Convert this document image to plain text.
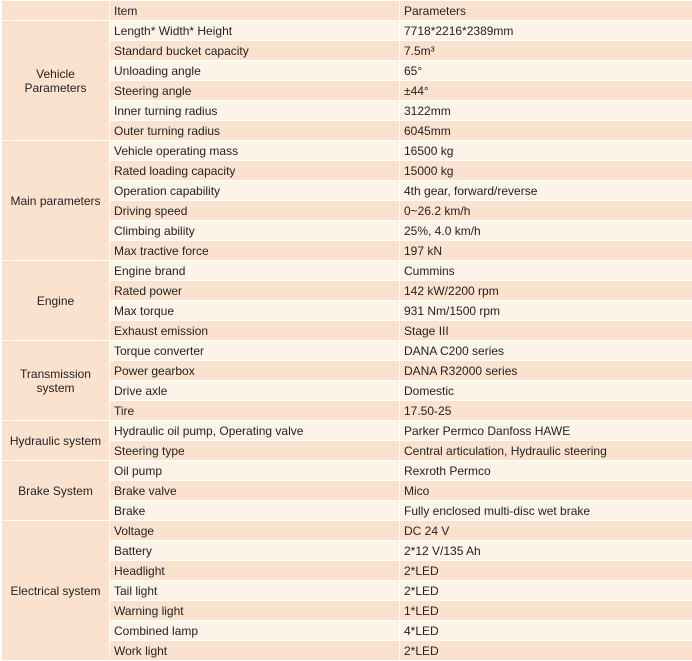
	Item	Parameters
Vehicle Parameters	Length* Width* Height	7718*2216*2389mm
	Standard bucket capacity	7.5m³
	Unloading angle	65°
	Steering angle	±44°
	Inner turning radius	3122mm
	Outer turning radius	6045mm
Main parameters	Vehicle operating mass	16500 kg
	Rated loading capacity	15000 kg
	Operation capability	4th gear, forward/reverse
	Driving speed	0~26.2 km/h
	Climbing ability	25%, 4.0 km/h
	Max tractive force	197 kN
Engine	Engine brand	Cummins
	Rated power	142 kW/2200 rpm
	Max torque	931 Nm/1500 rpm
	Exhaust emission	Stage III
Transmission system	Torque converter	DANA C200 series
	Power gearbox	DANA R32000 series
	Drive axle	Domestic
	Tire	17.50-25
Hydraulic system	Hydraulic oil pump, Operating valve	Parker Permco Danfoss HAWE
	Steering type	Central articulation, Hydraulic steering
Brake System	Oil pump	Rexroth Permco
	Brake valve	Mico
	Brake	Fully enclosed multi-disc wet brake
Electrical system	Voltage	DC 24 V
	Battery	2*12 V/135 Ah
	Headlight	2*LED
	Tail light	2*LED
	Warning light	1*LED
	Combined lamp	4*LED
	Work light	2*LED
